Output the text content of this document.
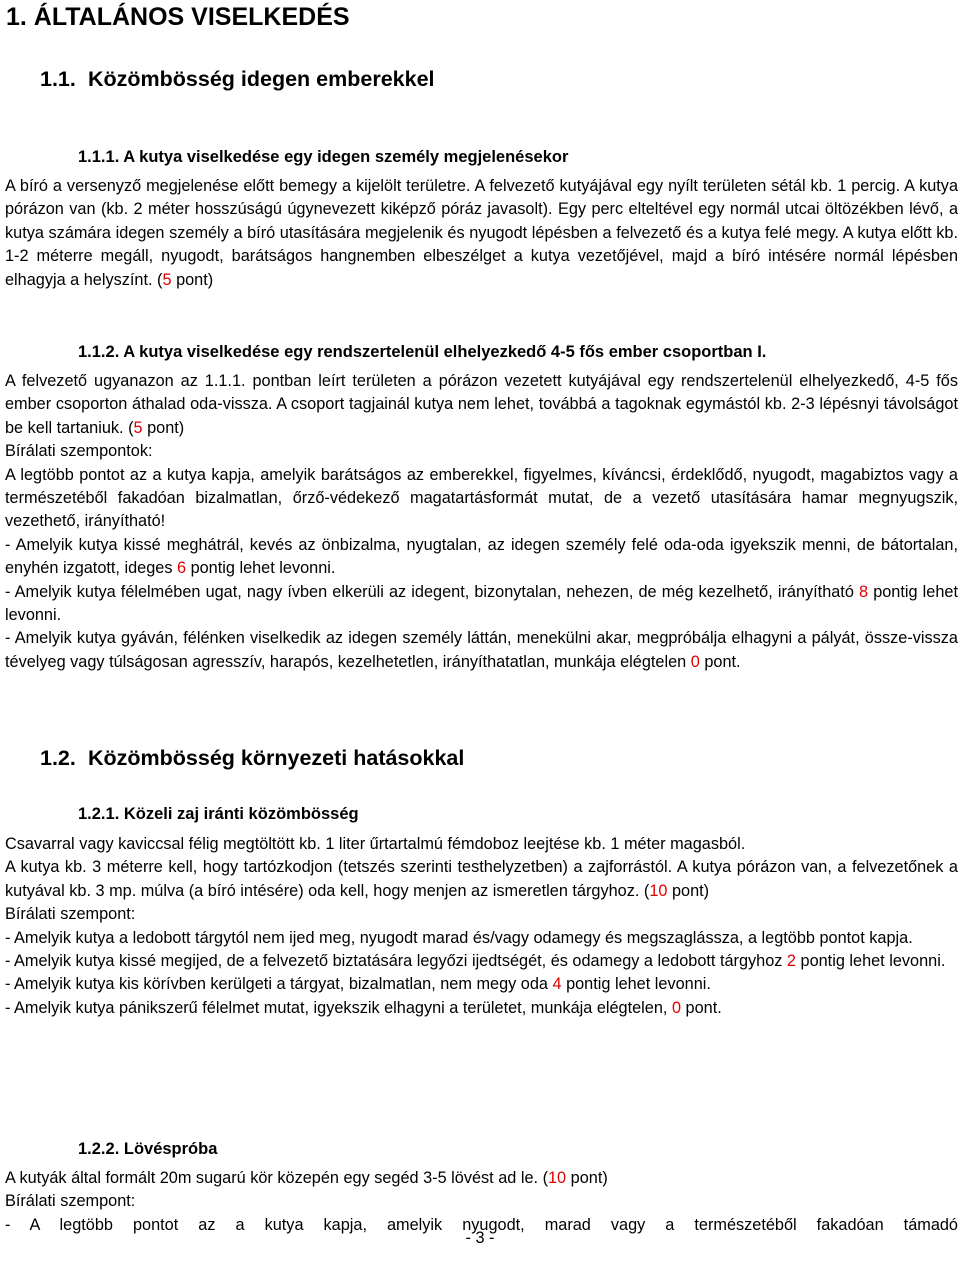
1. ÁLTALÁNOS VISELKEDÉS
1.1. Közömbösség idegen emberekkel
1.1.1. A kutya viselkedése egy idegen személy megjelenésekor
A bíró a versenyző megjelenése előtt bemegy a kijelölt területre. A felvezető kutyájával egy nyílt területen sétál kb. 1 percig. A kutya pórázon van (kb. 2 méter hosszúságú úgynevezett kiképző póráz javasolt). Egy perc elteltével egy normál utcai öltözékben lévő, a kutya számára idegen személy a bíró utasítására megjelenik és nyugodt lépésben a felvezető és a kutya felé megy. A kutya előtt kb. 1-2 méterre megáll, nyugodt, barátságos hangnemben elbeszélget a kutya vezetőjével, majd a bíró intésére normál lépésben elhagyja a helyszínt. (5 pont)
1.1.2. A kutya viselkedése egy rendszertelenül elhelyezkedő 4-5 fős ember csoportban I.
A felvezető ugyanazon az 1.1.1. pontban leírt területen a pórázon vezetett kutyájával egy rendszertelenül elhelyezkedő, 4-5 fős ember csoporton áthalad oda-vissza. A csoport tagjainál kutya nem lehet, továbbá a tagoknak egymástól kb. 2-3 lépésnyi távolságot be kell tartaniuk. (5 pont)
Bírálati szempontok:
A legtöbb pontot az a kutya kapja, amelyik barátságos az emberekkel, figyelmes, kíváncsi, érdeklődő, nyugodt, magabiztos vagy a természetéből fakadóan bizalmatlan, őrző-védekező magatartásformát mutat, de a vezető utasítására hamar megnyugszik, vezethető, irányítható!
- Amelyik kutya kissé meghátrál, kevés az önbizalma, nyugtalan, az idegen személy felé oda-oda igyekszik menni, de bátortalan, enyhén izgatott, ideges 6 pontig lehet levonni.
- Amelyik kutya félelmében ugat, nagy ívben elkerüli az idegent, bizonytalan, nehezen, de még kezelhető, irányítható 8 pontig lehet levonni.
- Amelyik kutya gyáván, félénken viselkedik az idegen személy láttán, menekülni akar, megpróbálja elhagyni a pályát, össze-vissza tévelyeg vagy túlságosan agresszív, harapós, kezelhetetlen, irányíthatatlan, munkája elégtelen 0 pont.
1.2. Közömbösség környezeti hatásokkal
1.2.1. Közeli zaj iránti közömbösség
Csavarral vagy kaviccsal félig megtöltött kb. 1 liter űrtartalmú fémdoboz leejtése kb. 1 méter magasból.
A kutya kb. 3 méterre kell, hogy tartózkodjon (tetszés szerinti testhelyzetben) a zajforrástól. A kutya pórázon van, a felvezetőnek a kutyával kb. 3 mp. múlva (a bíró intésére) oda kell, hogy menjen az ismeretlen tárgyhoz. (10 pont)
Bírálati szempont:
- Amelyik kutya a ledobott tárgytól nem ijed meg, nyugodt marad és/vagy odamegy és megszaglássza, a legtöbb pontot kapja.
- Amelyik kutya kissé megijed, de a felvezető biztatására legyőzi ijedtségét, és odamegy a ledobott tárgyhoz 2 pontig lehet levonni.
- Amelyik kutya kis körívben kerülgeti a tárgyat, bizalmatlan, nem megy oda 4 pontig lehet levonni.
- Amelyik kutya pánikszerű félelmet mutat, igyekszik elhagyni a területet, munkája elégtelen, 0 pont.
1.2.2. Lövéspróba
A kutyák által formált 20m sugarú kör közepén egy segéd 3-5 lövést ad le. (10 pont)
Bírálati szempont:
- A legtöbb pontot az a kutya kapja, amelyik nyugodt, marad vagy a természetéből fakadóan támadó
- 3 -
